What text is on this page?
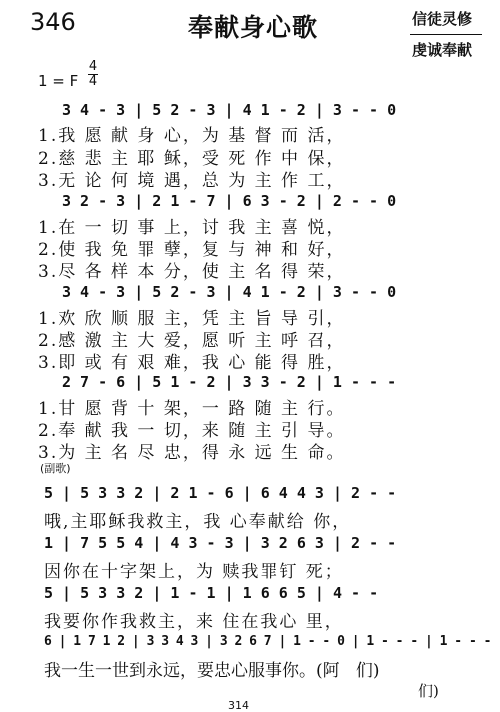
346	奉献身心歌	信徒灵修
虔诚奉献
1 = F
4
4
3 4 - 3 | 5 2 - 3 | 4 1 - 2 | 3 - - 0
1.我 愿 献 身 心，为 基 督 而 活，
2.慈 悲 主 耶 稣，受 死 作 中 保，
3.无 论 何 境 遇，总 为 主 作 工，
3 2 - 3 | 2 1 - 7 | 6 3 - 2 | 2 - - 0
1.在 一 切 事 上，讨 我 主 喜 悦，
2.使 我 免 罪 孽，复 与 神 和 好，
3.尽 各 样 本 分，使 主 名 得 荣，
3 4 - 3 | 5 2 - 3 | 4 1 - 2 | 3 - - 0
1.欢 欣 顺 服 主，凭 主 旨 导 引，
2.感 激 主 大 爱，愿 听 主 呼 召，
3.即 或 有 艰 难，我 心 能 得 胜，
2 7 - 6 | 5 1 - 2 | 3 3 - 2 | 1 - - -
1.甘 愿 背 十 架，一 路 随 主 行。
2.奉 献 我 一 切，来 随 主 引 导。
3.为 主 名 尽 忠，得 永 远 生 命。
(副歌)
5 | 5 3 3 2 | 2 1 - 6 | 6 4 4 3 | 2 - -
哦,主耶稣我救主，我 心奉献给 你，
1 | 7 5 5 4 | 4 3 - 3 | 3 2 6 3 | 2 - -
因你在十字架上，为 赎我罪钉 死；
5 | 5 3 3 2 | 1 - 1 | 1 6 6 5 | 4 - -
我要你作我救主，来 住在我心 里，
6 | 1 7 1 2 | 3 3 4 3 | 3 2 6 7 | 1 - - 0 | 1 - - - | 1 - - -
我一生一世到永远，要忠心服事你。(阿   们)
们)
314
